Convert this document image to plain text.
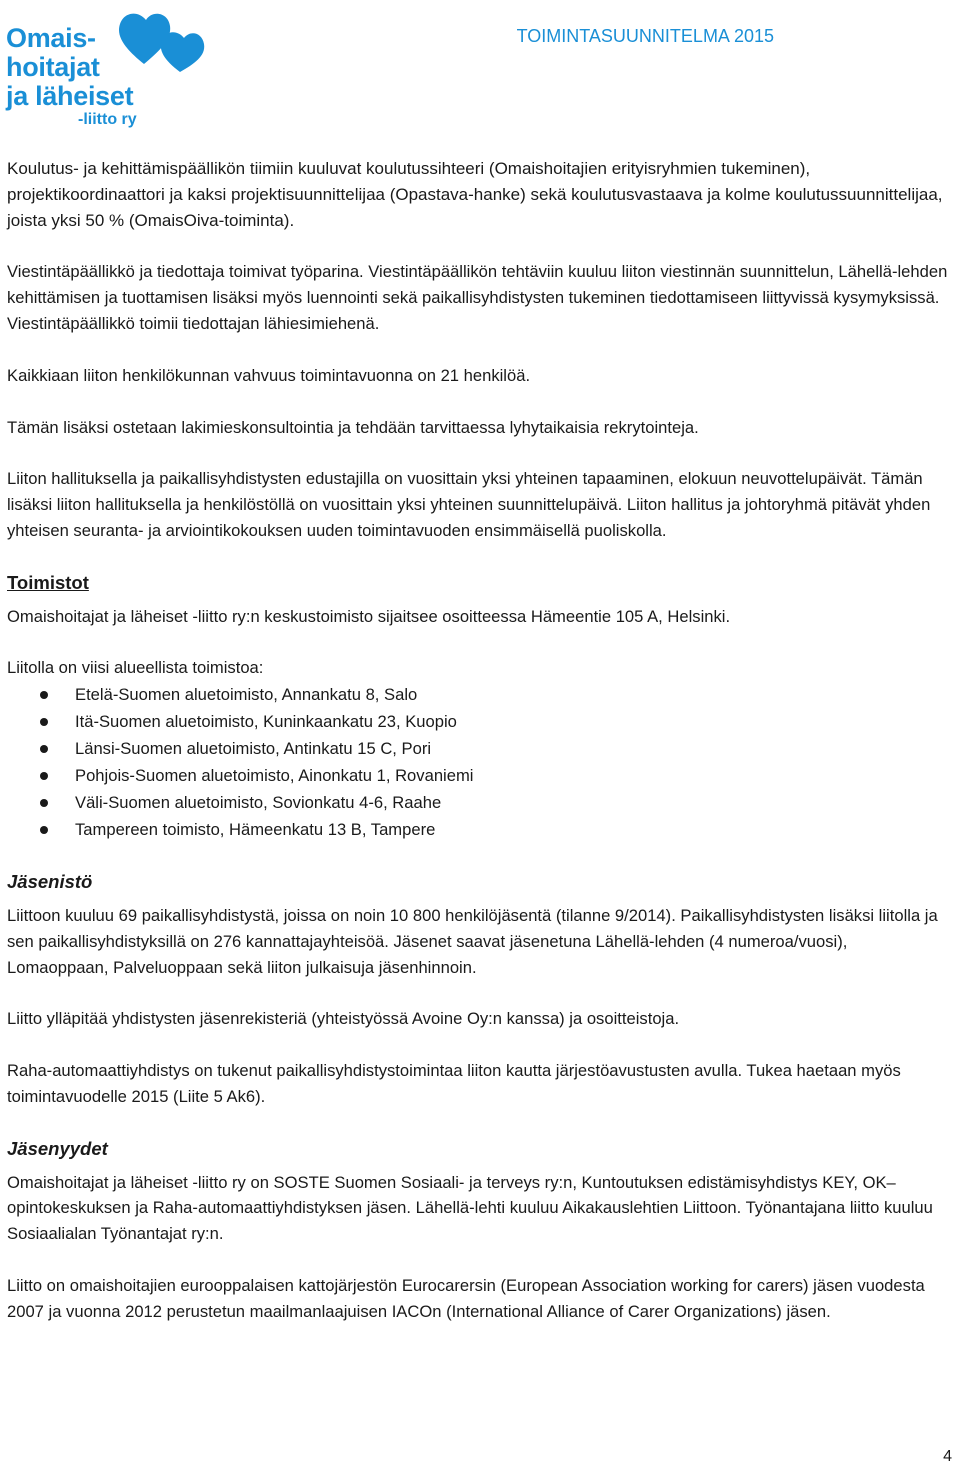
Omais-
hoitajat
ja läheiset
-liitto ry
TOIMINTASUUNNITELMA 2015

Koulutus- ja kehittämispäällikön tiimiin kuuluvat koulutussihteeri (Omaishoitajien erityisryhmien tukeminen), projektikoordinaattori ja kaksi projektisuunnittelijaa (Opastava-hanke) sekä koulutusvastaava ja kolme koulutussuunnittelijaa, joista yksi 50 % (OmaisOiva-toiminta).

Viestintäpäällikkö ja tiedottaja toimivat työparina. Viestintäpäällikön tehtäviin kuuluu liiton viestinnän suunnittelun, Lähellä-lehden kehittämisen ja tuottamisen lisäksi myös luennointi sekä paikallisyhdistysten tukeminen tiedottamiseen liittyvissä kysymyksissä. Viestintäpäällikkö toimii tiedottajan lähiesimiehenä.

Kaikkiaan liiton henkilökunnan vahvuus toimintavuonna on 21 henkilöä.

Tämän lisäksi ostetaan lakimieskonsultointia ja tehdään tarvittaessa lyhytaikaisia rekrytointeja.

Liiton hallituksella ja paikallisyhdistysten edustajilla on vuosittain yksi yhteinen tapaaminen, elokuun neuvottelupäivät. Tämän lisäksi liiton hallituksella ja henkilöstöllä on vuosittain yksi yhteinen suunnittelupäivä. Liiton hallitus ja johtoryhmä pitävät yhden yhteisen seuranta- ja arviointikokouksen uuden toimintavuoden ensimmäisellä puoliskolla.

Toimistot

Omaishoitajat ja läheiset -liitto ry:n keskustoimisto sijaitsee osoitteessa Hämeentie 105 A, Helsinki.

Liitolla on viisi alueellista toimistoa:

Etelä-Suomen aluetoimisto, Annankatu 8, Salo
Itä-Suomen aluetoimisto, Kuninkaankatu 23, Kuopio
Länsi-Suomen aluetoimisto, Antinkatu 15 C, Pori
Pohjois-Suomen aluetoimisto, Ainonkatu 1, Rovaniemi
Väli-Suomen aluetoimisto, Sovionkatu 4-6, Raahe
Tampereen toimisto, Hämeenkatu 13 B, Tampere
Jäsenistö

Liittoon kuuluu 69 paikallisyhdistystä, joissa on noin 10 800 henkilöjäsentä (tilanne 9/2014). Paikallisyhdistysten lisäksi liitolla ja sen paikallisyhdistyksillä on 276 kannattajayhteisöä. Jäsenet saavat jäsenetuna Lähellä-lehden (4 numeroa/vuosi), Lomaoppaan, Palveluoppaan sekä liiton julkaisuja jäsenhinnoin.

Liitto ylläpitää yhdistysten jäsenrekisteriä (yhteistyössä Avoine Oy:n kanssa) ja osoitteistoja.

Raha-automaattiyhdistys on tukenut paikallisyhdistystoimintaa liiton kautta järjestöavustusten avulla. Tukea haetaan myös toimintavuodelle 2015 (Liite 5 Ak6).

Jäsenyydet

Omaishoitajat ja läheiset -liitto ry on SOSTE Suomen Sosiaali- ja terveys ry:n, Kuntoutuksen edistämisyhdistys KEY, OK–opintokeskuksen ja Raha-automaattiyhdistyksen jäsen. Lähellä-lehti kuuluu Aikakauslehtien Liittoon. Työnantajana liitto kuuluu Sosiaalialan Työnantajat ry:n.

Liitto on omaishoitajien eurooppalaisen kattojärjestön Eurocarersin (European Association working for carers) jäsen vuodesta 2007 ja vuonna 2012 perustetun maailmanlaajuisen IACOn (International Alliance of Carer Organizations) jäsen.

4
